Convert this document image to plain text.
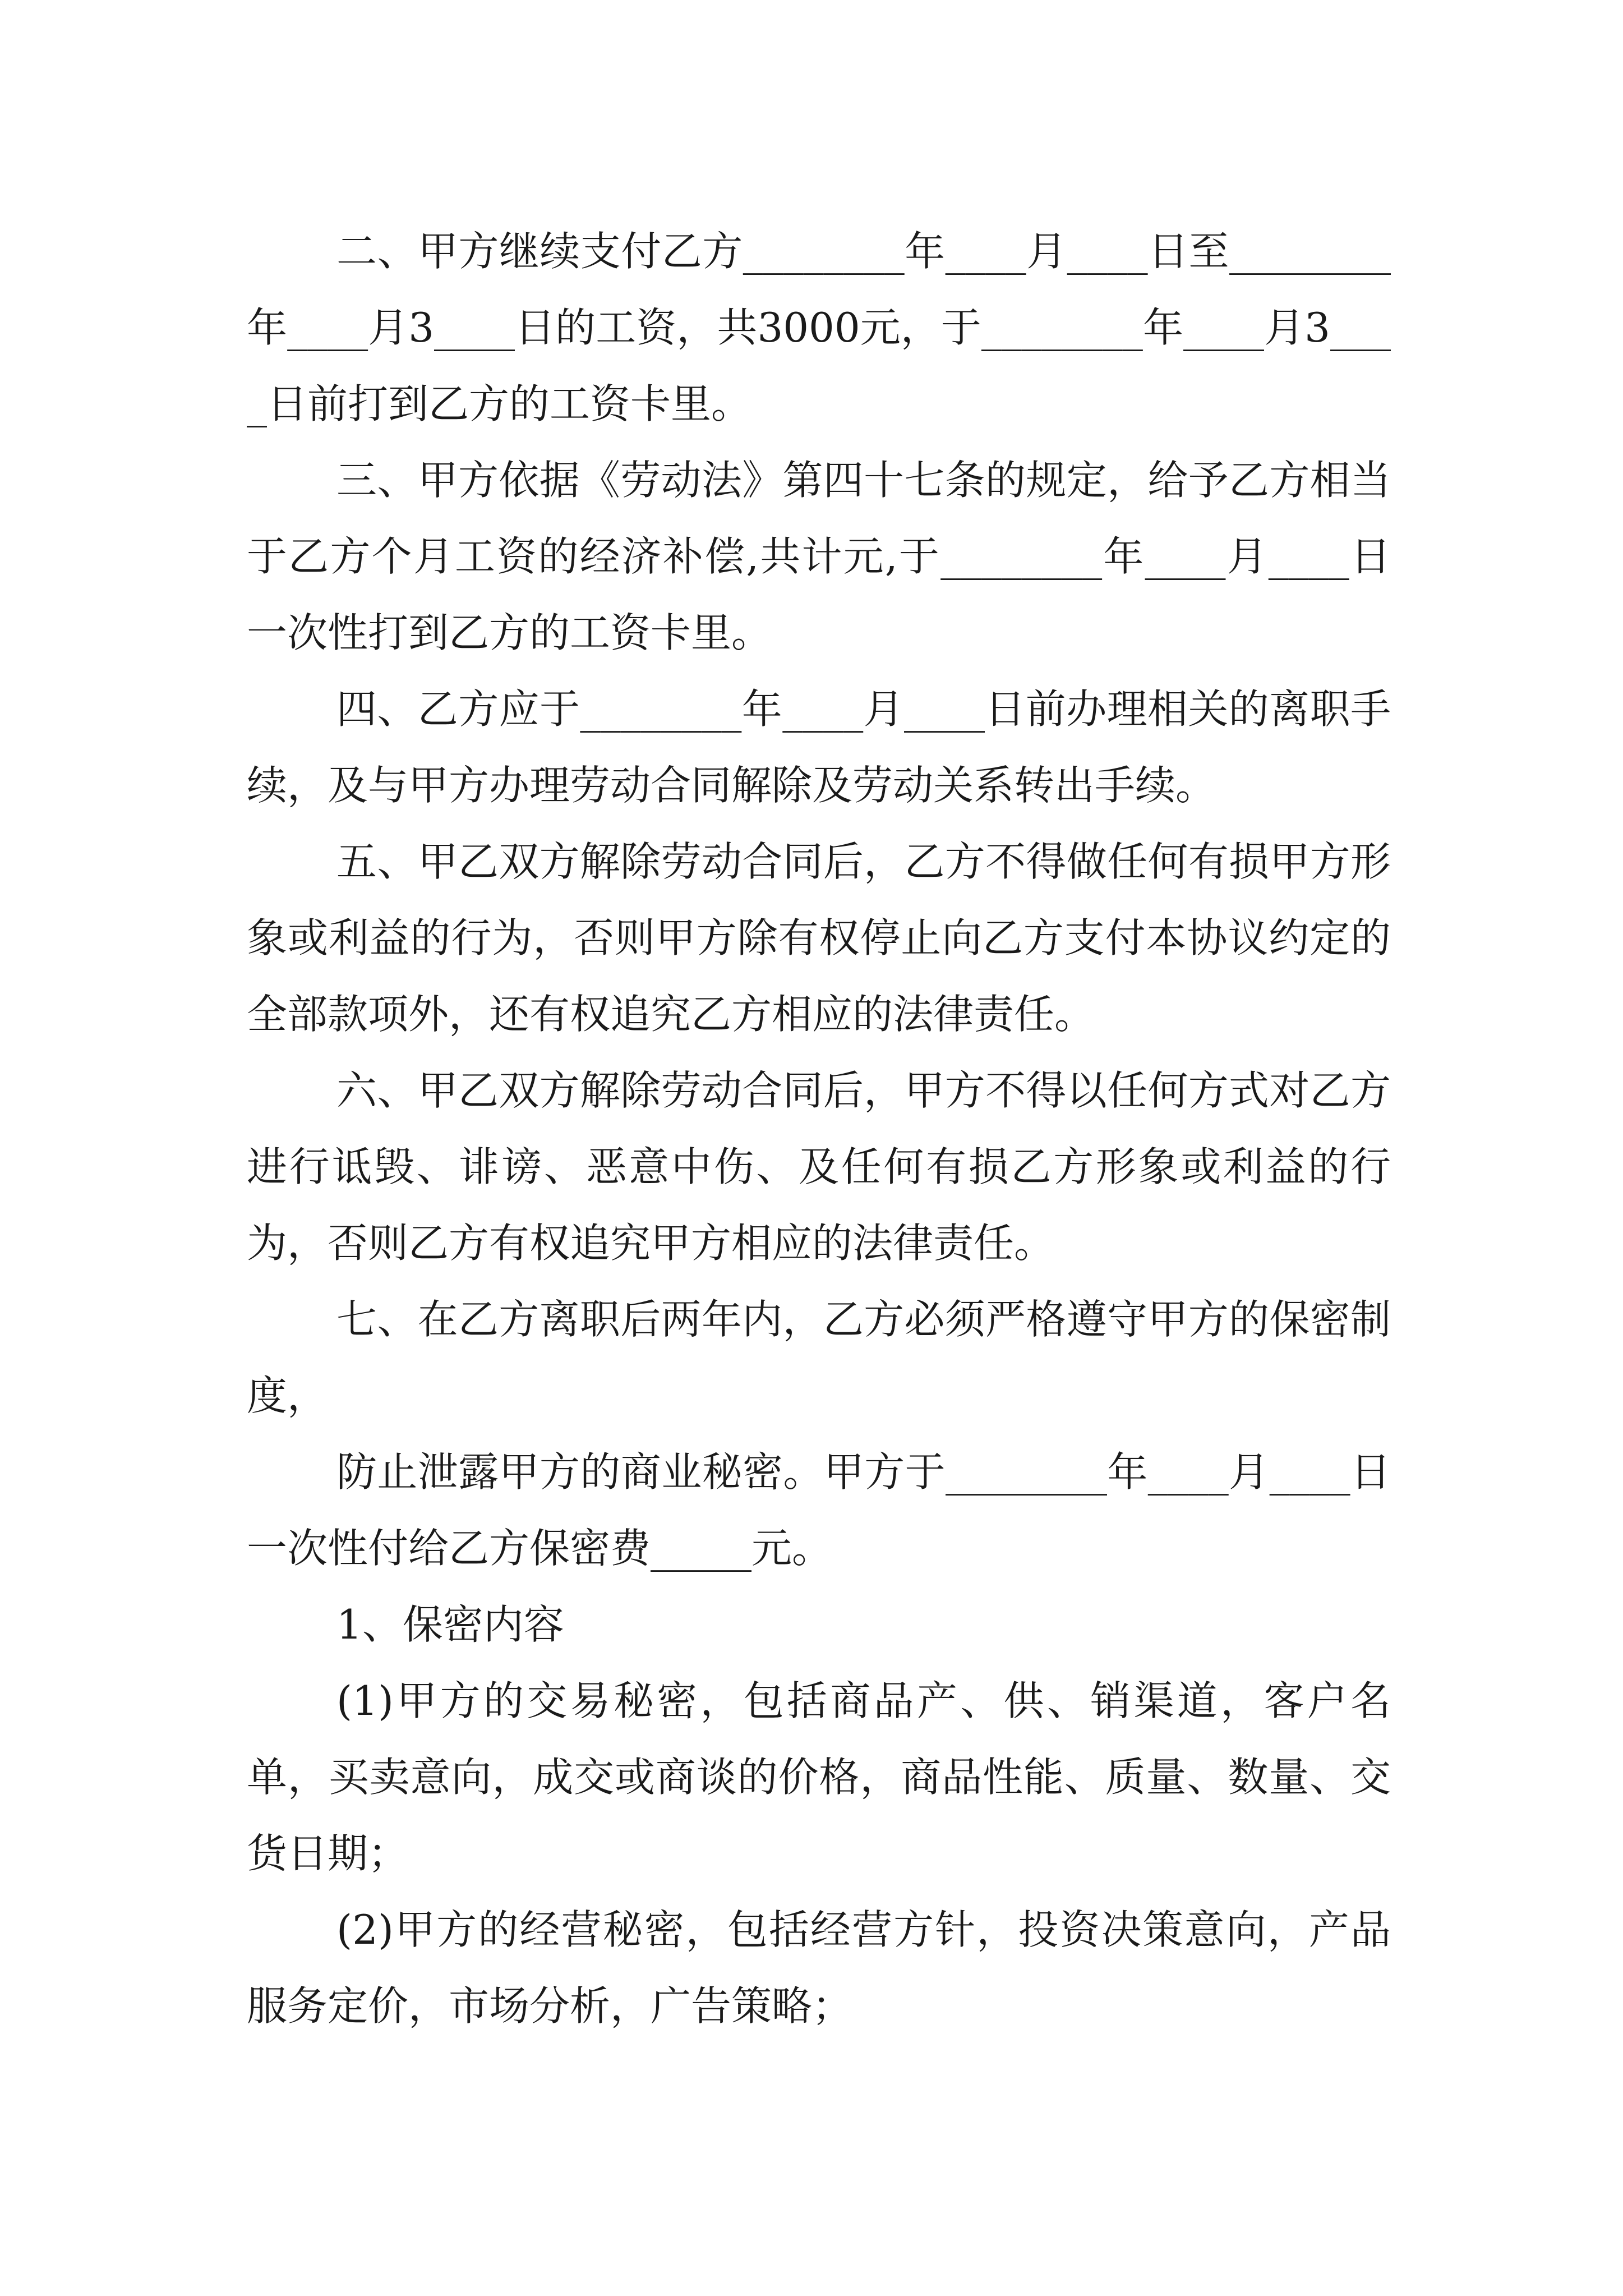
二、甲方继续支付乙方________年____月____日至________年____月3____日的工资，共3000元，于________年____月3____日前打到乙方的工资卡里。

三、甲方依据《劳动法》第四十七条的规定，给予乙方相当于乙方个月工资的经济补偿,共计元,于________年____月____日一次性打到乙方的工资卡里。

四、乙方应于________年____月____日前办理相关的离职手续，及与甲方办理劳动合同解除及劳动关系转出手续。

五、甲乙双方解除劳动合同后，乙方不得做任何有损甲方形象或利益的行为，否则甲方除有权停止向乙方支付本协议约定的全部款项外，还有权追究乙方相应的法律责任。

六、甲乙双方解除劳动合同后，甲方不得以任何方式对乙方进行诋毁、诽谤、恶意中伤、及任何有损乙方形象或利益的行为，否则乙方有权追究甲方相应的法律责任。

七、在乙方离职后两年内，乙方必须严格遵守甲方的保密制度，

防止泄露甲方的商业秘密。甲方于________年____月____日一次性付给乙方保密费_____元。

1、保密内容

(1)甲方的交易秘密，包括商品产、供、销渠道，客户名单，买卖意向，成交或商谈的价格，商品性能、质量、数量、交货日期；

(2)甲方的经营秘密，包括经营方针，投资决策意向，产品服务定价，市场分析，广告策略；
